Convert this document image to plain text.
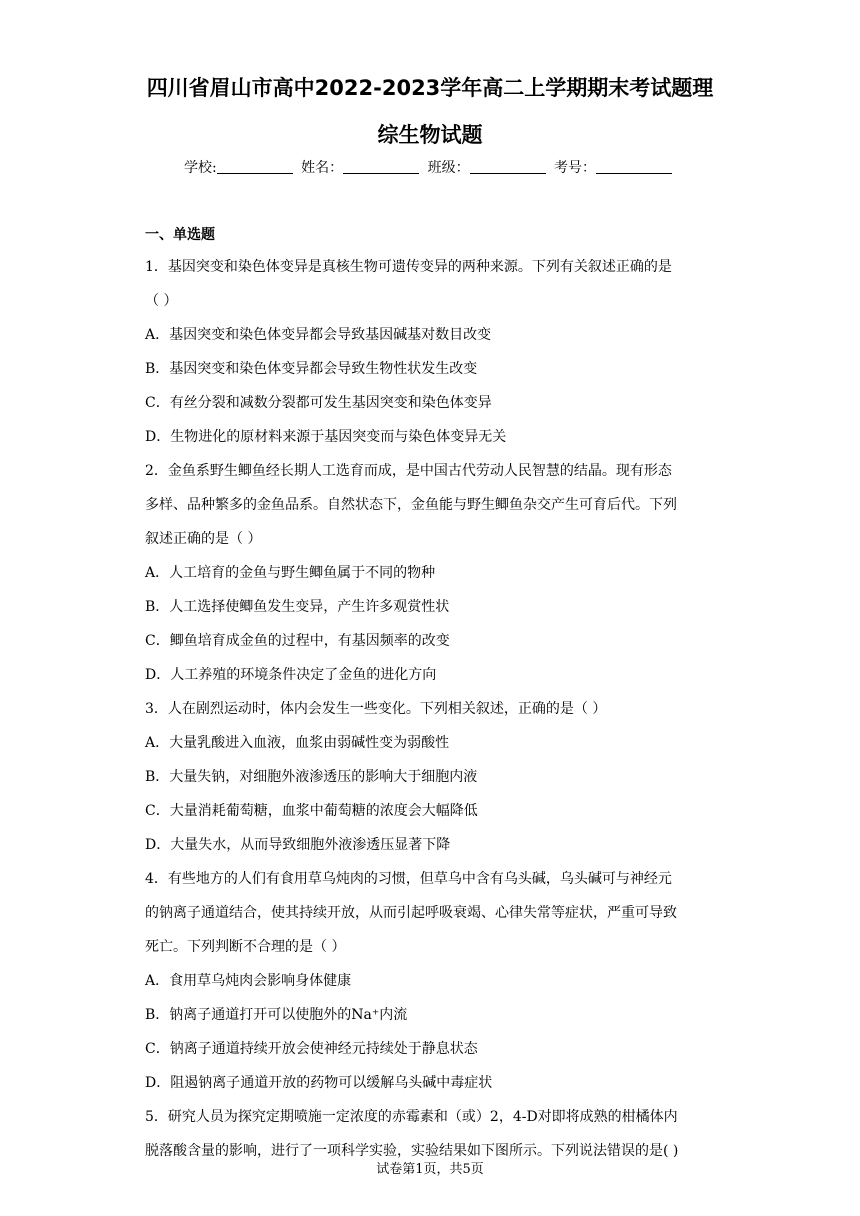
四川省眉山市高中2022-2023学年高二上学期期末考试题理
综生物试题
学校:	姓名：	班级：	考号：
一、单选题
1．基因突变和染色体变异是真核生物可遗传变异的两种来源。下列有关叙述正确的是
（ ）
A．基因突变和染色体变异都会导致基因碱基对数目改变
B．基因突变和染色体变异都会导致生物性状发生改变
C．有丝分裂和减数分裂都可发生基因突变和染色体变异
D．生物进化的原材料来源于基因突变而与染色体变异无关
2．金鱼系野生鲫鱼经长期人工选育而成，是中国古代劳动人民智慧的结晶。现有形态
多样、品种繁多的金鱼品系。自然状态下，金鱼能与野生鲫鱼杂交产生可育后代。下列
叙述正确的是（ ）
A．人工培育的金鱼与野生鲫鱼属于不同的物种
B．人工选择使鲫鱼发生变异，产生许多观赏性状
C．鲫鱼培育成金鱼的过程中，有基因频率的改变
D．人工养殖的环境条件决定了金鱼的进化方向
3．人在剧烈运动时，体内会发生一些变化。下列相关叙述，正确的是（ ）
A．大量乳酸进入血液，血浆由弱碱性变为弱酸性
B．大量失钠，对细胞外液渗透压的影响大于细胞内液
C．大量消耗葡萄糖，血浆中葡萄糖的浓度会大幅降低
D．大量失水，从而导致细胞外液渗透压显著下降
4．有些地方的人们有食用草乌炖肉的习惯，但草乌中含有乌头碱，乌头碱可与神经元
的钠离子通道结合，使其持续开放，从而引起呼吸衰竭、心律失常等症状，严重可导致
死亡。下列判断不合理的是（ ）
A．食用草乌炖肉会影响身体健康
B．钠离子通道打开可以使胞外的Na⁺内流
C．钠离子通道持续开放会使神经元持续处于静息状态
D．阻遏钠离子通道开放的药物可以缓解乌头碱中毒症状
5．研究人员为探究定期喷施一定浓度的赤霉素和（或）2，4-D对即将成熟的柑橘体内
脱落酸含量的影响，进行了一项科学实验，实验结果如下图所示。下列说法错误的是( )
试卷第1页，共5页
